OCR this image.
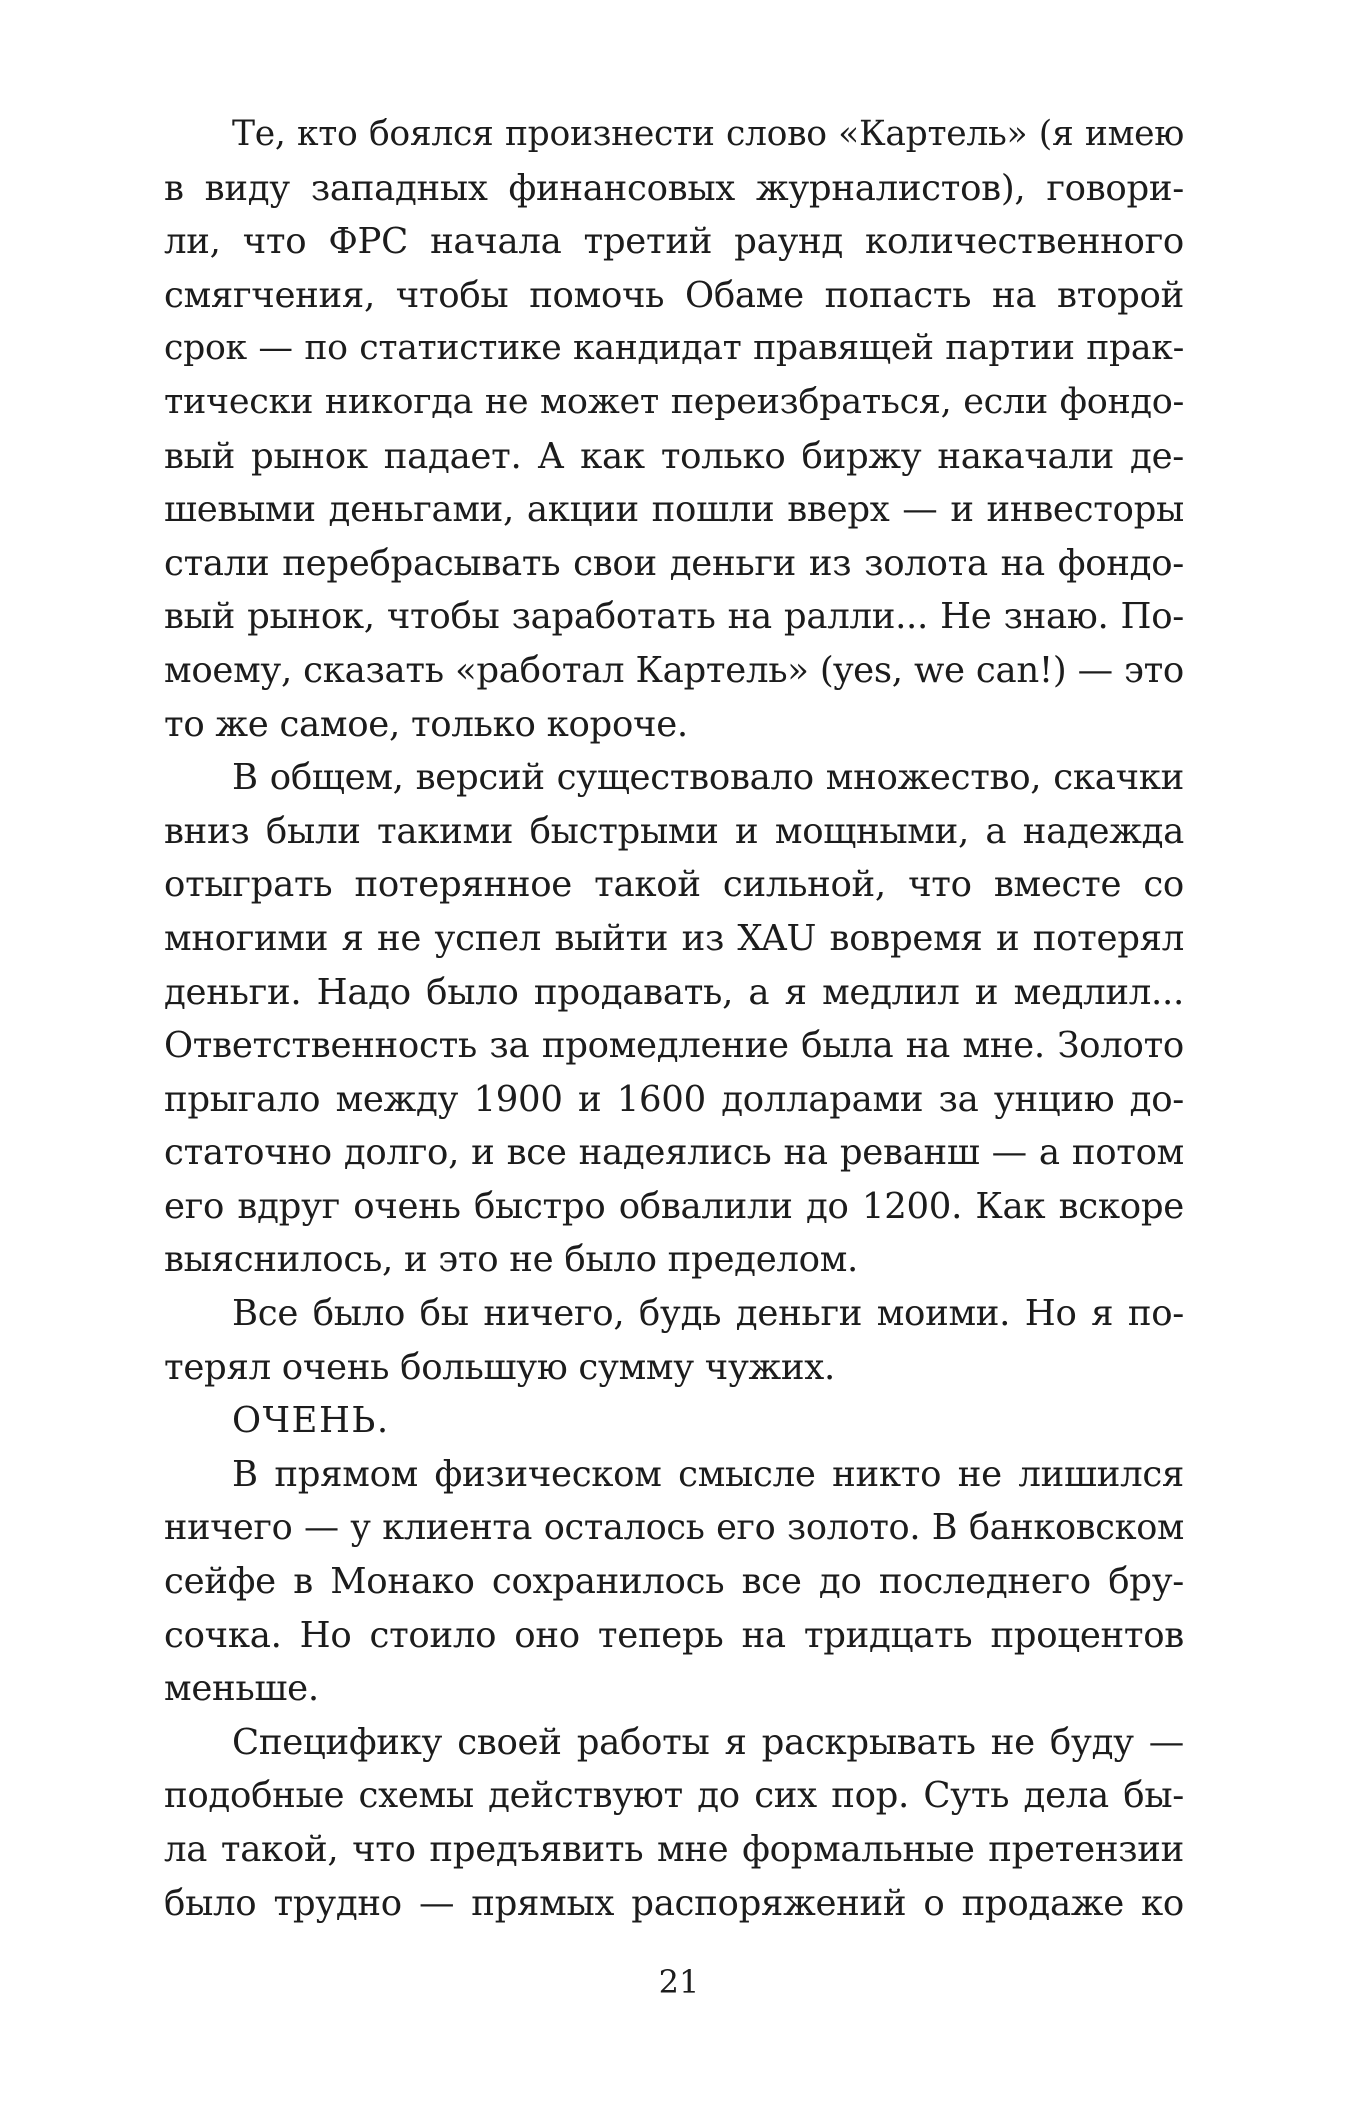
Те, кто боялся произнести слово «Картель» (я имею
в виду западных финансовых журналистов), говори-
ли, что ФРС начала третий раунд количественного
смягчения, чтобы помочь Обаме попасть на второй
срок — по статистике кандидат правящей партии прак-
тически никогда не может переизбраться, если фондо-
вый рынок падает. А как только биржу накачали де-
шевыми деньгами, акции пошли вверх — и инвесторы
стали перебрасывать свои деньги из золота на фондо-
вый рынок, чтобы заработать на ралли... Не знаю. По-
моему, сказать «работал Картель» (yes, we can!) — это
то же самое, только короче.
В общем, версий существовало множество, скачки
вниз были такими быстрыми и мощными, а надежда
отыграть потерянное такой сильной, что вместе со
многими я не успел выйти из XAU вовремя и потерял
деньги. Надо было продавать, а я медлил и медлил...
Ответственность за промедление была на мне. Золото
прыгало между 1900 и 1600 долларами за унцию до-
статочно долго, и все надеялись на реванш — а потом
его вдруг очень быстро обвалили до 1200. Как вскоре
выяснилось, и это не было пределом.
Все было бы ничего, будь деньги моими. Но я по-
терял очень большую сумму чужих.
ОЧЕНЬ.
В прямом физическом смысле никто не лишился
ничего — у клиента осталось его золото. В банковском
сейфе в Монако сохранилось все до последнего бру-
сочка. Но стоило оно теперь на тридцать процентов
меньше.
Специфику своей работы я раскрывать не буду —
подобные схемы действуют до сих пор. Суть дела бы-
ла такой, что предъявить мне формальные претензии
было трудно — прямых распоряжений о продаже ко
21
